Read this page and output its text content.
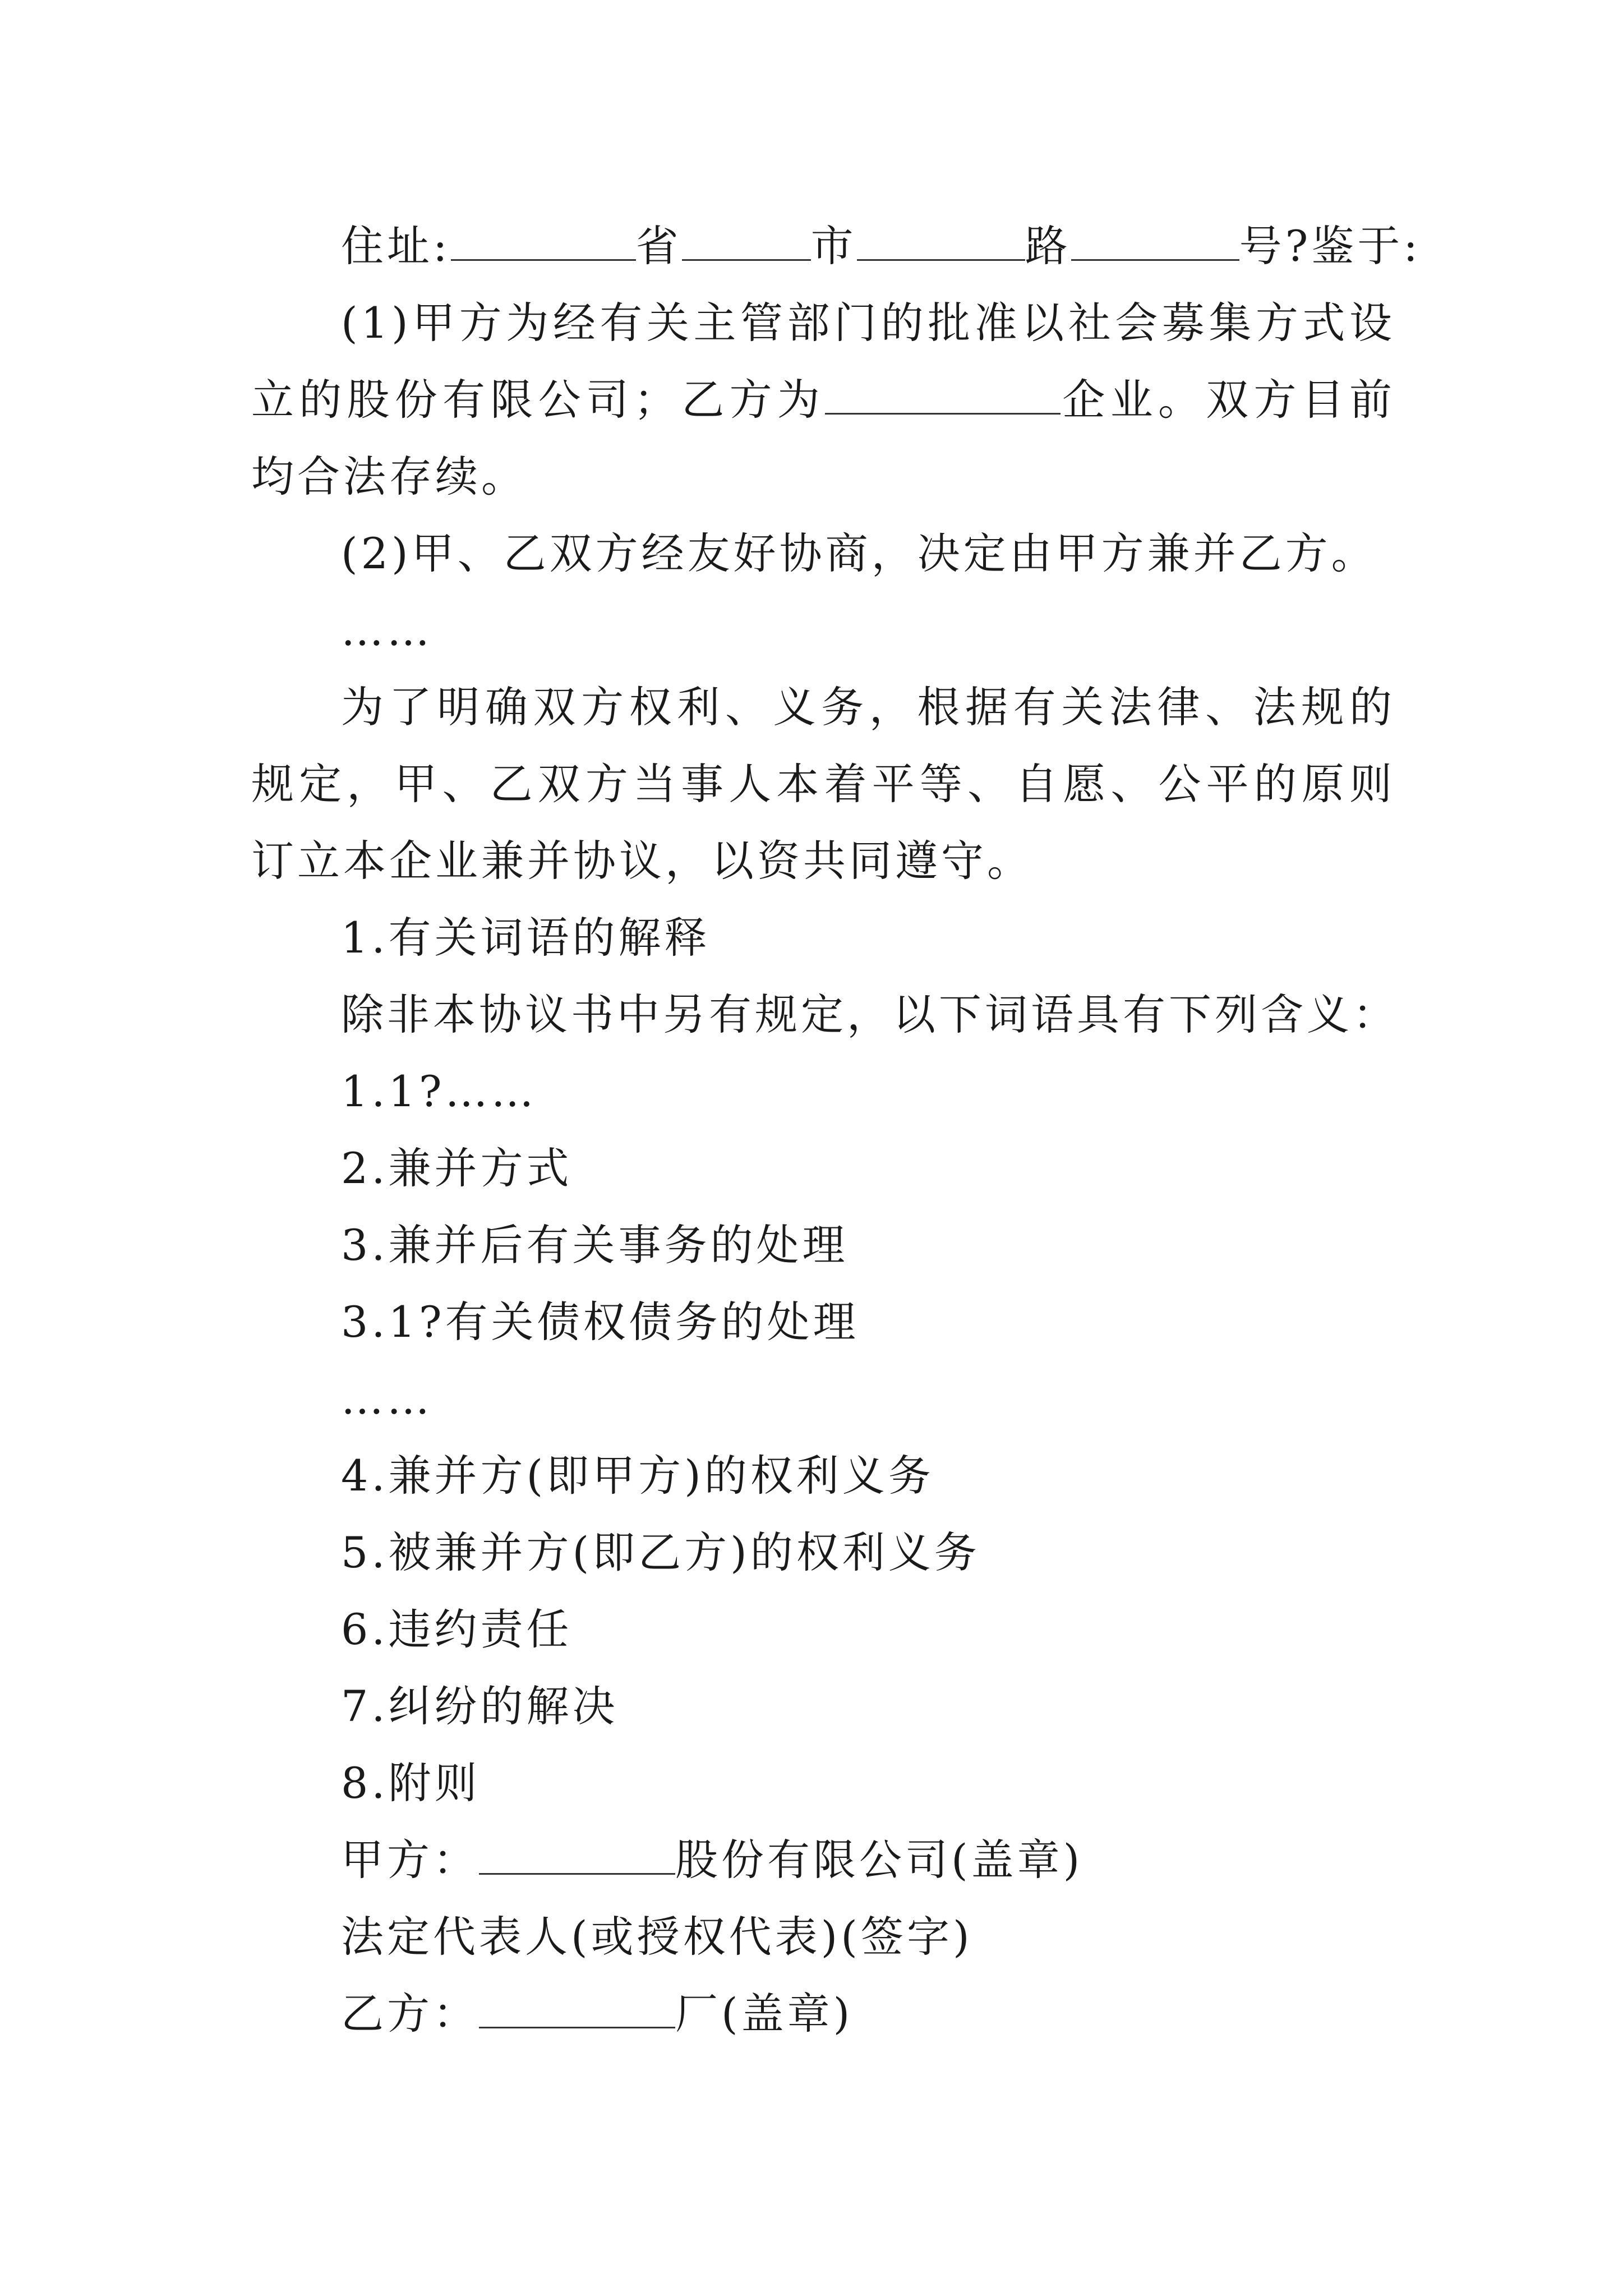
住址:	省	市	路	号?鉴于:

(1)甲方为经有关主管部门的批准以社会募集方式设立的股份有限公司；乙方为	企业。双方目前均合法存续。

(2)甲、乙双方经友好协商，决定由甲方兼并乙方。

……

为了明确双方权利、义务，根据有关法律、法规的规定，甲、乙双方当事人本着平等、自愿、公平的原则订立本企业兼并协议，以资共同遵守。

1.有关词语的解释

除非本协议书中另有规定，以下词语具有下列含义：

1.1?……

2.兼并方式

3.兼并后有关事务的处理

3.1?有关债权债务的处理

……

4.兼并方(即甲方)的权利义务

5.被兼并方(即乙方)的权利义务

6.违约责任

7.纠纷的解决

8.附则

甲方：	股份有限公司(盖章)

法定代表人(或授权代表)(签字)

乙方：	厂(盖章)
